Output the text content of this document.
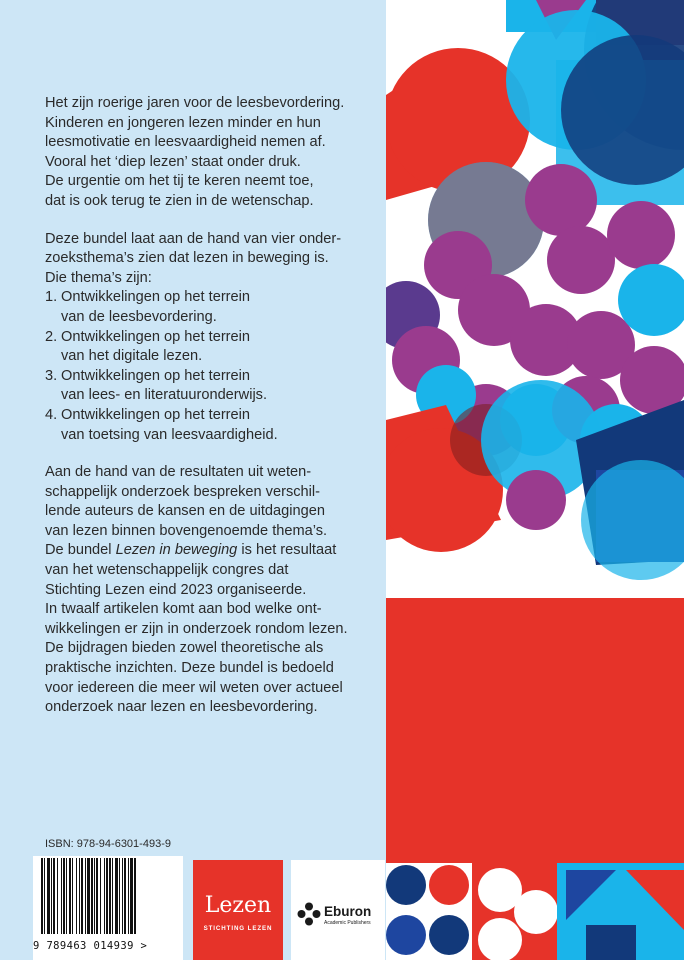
Het zijn roerige jaren voor de leesbevordering.
Kinderen en jongeren lezen minder en hun
leesmotivatie en leesvaardigheid nemen af.
Vooral het ‘diep lezen’ staat onder druk.
De urgentie om het tij te keren neemt toe,
dat is ook terug te zien in de wetenschap.

Deze bundel laat aan de hand van vier onder-
zoeksthema’s zien dat lezen in beweging is.
Die thema’s zijn:

1. Ontwikkelingen op het terrein
van de leesbevordering.
2. Ontwikkelingen op het terrein
van het digitale lezen.
3. Ontwikkelingen op het terrein
van lees- en literatuuronderwijs.
4. Ontwikkelingen op het terrein
van toetsing van leesvaardigheid.

Aan de hand van de resultaten uit weten-
schappelijk onderzoek bespreken verschil-
lende auteurs de kansen en de uitdagingen
van lezen binnen bovengenoemde thema’s.
De bundel Lezen in beweging is het resultaat
van het wetenschappelijk congres dat
Stichting Lezen eind 2023 organiseerde.
In twaalf artikelen komt aan bod welke ont-
wikkelingen er zijn in onderzoek rondom lezen.
De bijdragen bieden zowel theoretische als
praktische inzichten. Deze bundel is bedoeld
voor iedereen die meer wil weten over actueel
onderzoek naar lezen en leesbevordering.

ISBN: 978-94-6301-493-9
9 789463 014939 >
Lezen
STICHTING LEZEN
Eburon
Academic Publishers
